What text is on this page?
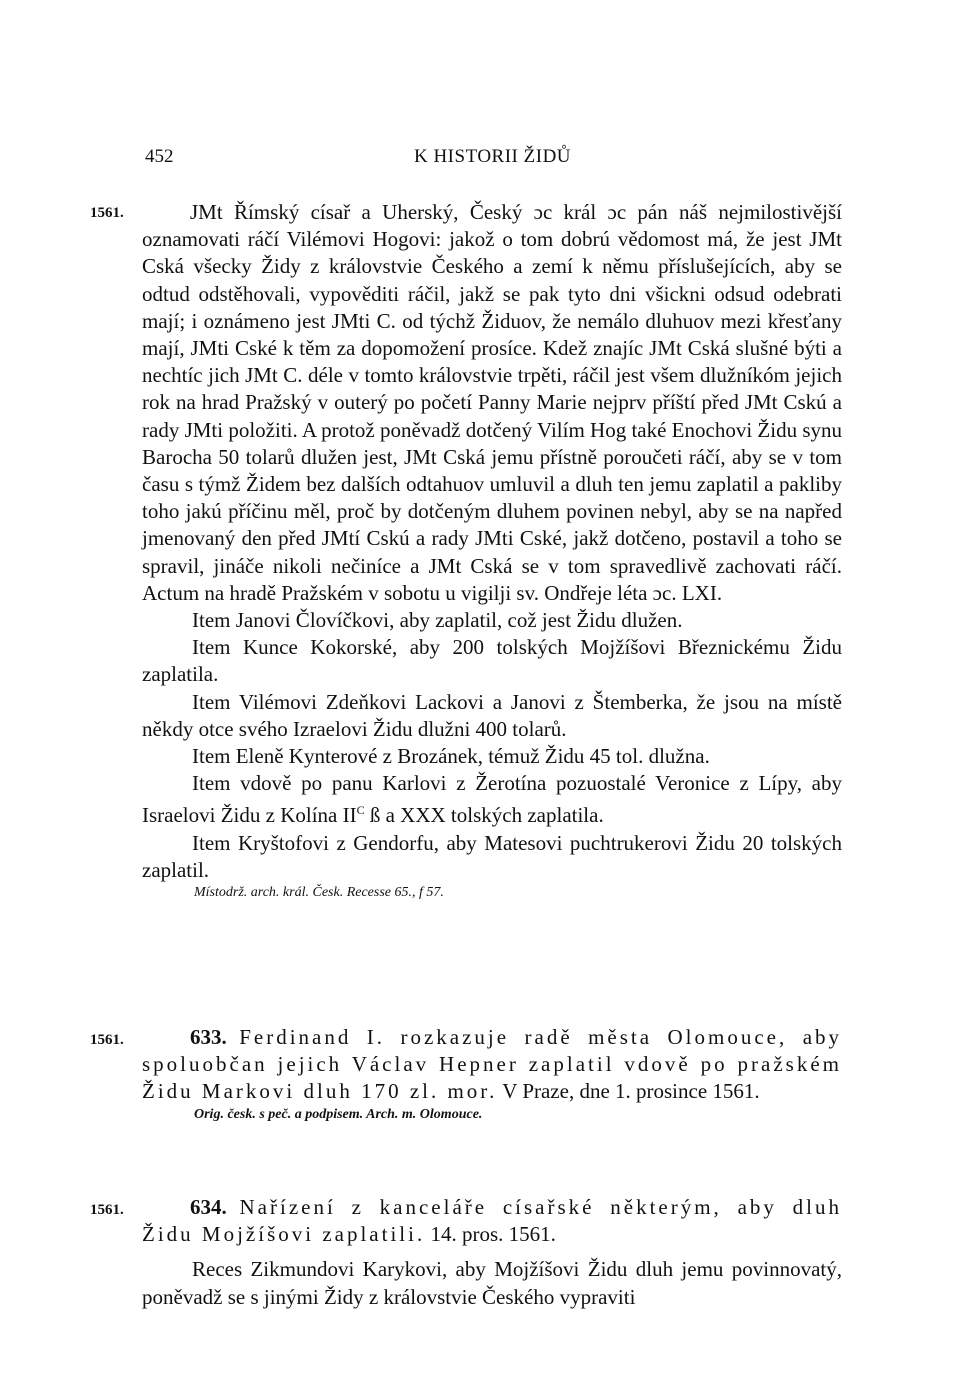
452	K HISTORII ŽIDŮ
1561.	JMt Římský císař a Uherský, Český ɔc král ɔc pán náš nejmilostivější oznamovati ráčí Vilémovi Hogovi: jakož o tom dobrú vědomost má, že jest JMt Cská všecky Židy z královstvie Českého a zemí k němu příslušejících, aby se odtud odstěhovali, vypověditi ráčil, jakž se pak tyto dni všickni odsud odebrati mají; i oznámeno jest JMti C. od týchž Židuov, že nemálo dluhuov mezi křesťany mají, JMti Cské k těm za dopomožení prosíce. Kdež znajíc JMt Cská slušné býti a nechtíc jich JMt C. déle v tomto královstvie trpěti, ráčil jest všem dlužníkóm jejich rok na hrad Pražský v outerý po početí Panny Marie nejprv příští před JMt Cskú a rady JMti položiti. A protož poněvadž dotčený Vilím Hog také Enochovi Židu synu Barocha 50 tolarů dlužen jest, JMt Cská jemu přístně poroučeti ráčí, aby se v tom času s týmž Židem bez dalších odtahuov umluvil a dluh ten jemu zaplatil a pakliby toho jakú příčinu měl, proč by dotčeným dluhem povinen nebyl, aby se na napřed jmenovaný den před JMtí Cskú a rady JMti Cské, jakž dotčeno, postavil a toho se spravil, jináče nikoli nečiníce a JMt Cská se v tom spravedlivě zachovati ráčí. Actum na hradě Pražském v sobotu u vigilji sv. Ondřeje léta ɔc. LXI.

Item Janovi Človíčkovi, aby zaplatil, což jest Židu dlužen.

Item Kunce Kokorské, aby 200 tolských Mojžíšovi Březnickému Židu zaplatila.

Item Vilémovi Zdeňkovi Lackovi a Janovi z Štemberka, že jsou na místě někdy otce svého Izraelovi Židu dlužni 400 tolarů.

Item Eleně Kynterové z Brozánek, témuž Židu 45 tol. dlužna.

Item vdově po panu Karlovi z Žerotína pozuostalé Veronice z Lípy, aby Israelovi Židu z Kolína $II^C$ ß a XXX tolských zaplatila.

Item Kryštofovi z Gendorfu, aby Matesovi puchtrukerovi Židu 20 tolských zaplatil.

Místodrž. arch. král. Česk. Recesse 65., f 57.

1561.	633. Ferdinand I. rozkazuje radě města Olomouce, aby spoluobčan jejich Václav Hepner zaplatil vdově po pražském Židu Markovi dluh 170 zl. mor. V Praze, dne 1. prosince 1561.

Orig. česk. s peč. a podpisem. Arch. m. Olomouce.

1561.	634. Nařízení z kanceláře císařské některým, aby dluh Židu Mojžíšovi zaplatili. 14. pros. 1561.

Reces Zikmundovi Karykovi, aby Mojžíšovi Židu dluh jemu povinnovatý, poněvadž se s jinými Židy z královstvie Českého vypraviti
